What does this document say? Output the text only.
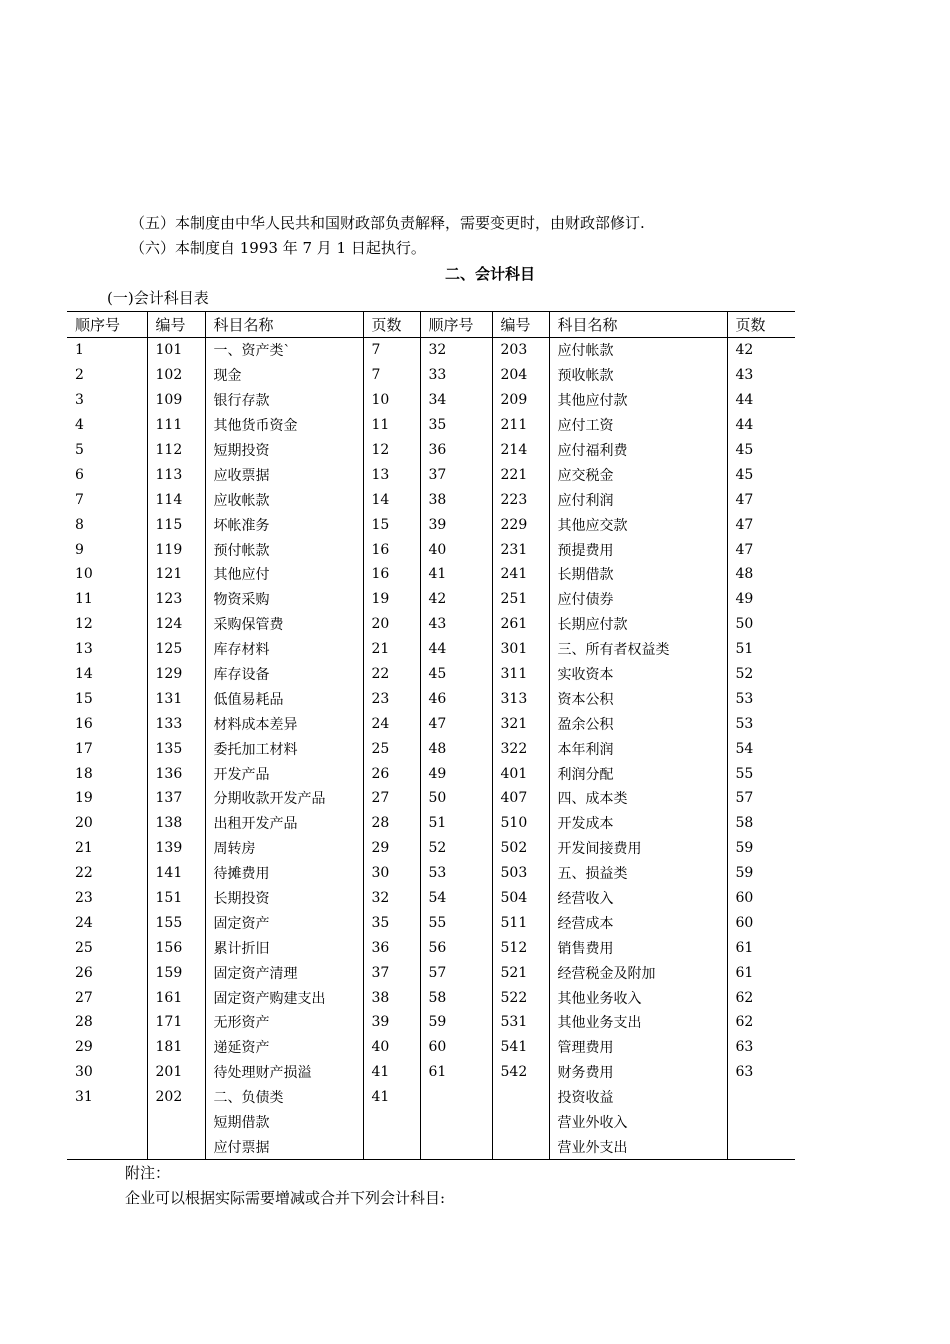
（五）本制度由中华人民共和国财政部负责解释，需要变更时，由财政部修订.
（六）本制度自 1993 年 7 月 1 日起执行。
二、会计科目
(一)会计科目表
顺序号	编号	科目名称	页数	顺序号	编号	科目名称	页数
1	101	一、资产类`	7	32	203	应付帐款	42
2	102	现金	7	33	204	预收帐款	43
3	109	银行存款	10	34	209	其他应付款	44
4	111	其他货币资金	11	35	211	应付工资	44
5	112	短期投资	12	36	214	应付福利费	45
6	113	应收票据	13	37	221	应交税金	45
7	114	应收帐款	14	38	223	应付利润	47
8	115	坏帐准务	15	39	229	其他应交款	47
9	119	预付帐款	16	40	231	预提费用	47
10	121	其他应付	16	41	241	长期借款	48
11	123	物资采购	19	42	251	应付债券	49
12	124	采购保管费	20	43	261	长期应付款	50
13	125	库存材料	21	44	301	三、所有者权益类	51
14	129	库存设备	22	45	311	实收资本	52
15	131	低值易耗品	23	46	313	资本公积	53
16	133	材料成本差异	24	47	321	盈余公积	53
17	135	委托加工材料	25	48	322	本年利润	54
18	136	开发产品	26	49	401	利润分配	55
19	137	分期收款开发产品	27	50	407	四、成本类	57
20	138	出租开发产品	28	51	510	开发成本	58
21	139	周转房	29	52	502	开发间接费用	59
22	141	待摊费用	30	53	503	五、损益类	59
23	151	长期投资	32	54	504	经营收入	60
24	155	固定资产	35	55	511	经营成本	60
25	156	累计折旧	36	56	512	销售费用	61
26	159	固定资产清理	37	57	521	经营税金及附加	61
27	161	固定资产购建支出	38	58	522	其他业务收入	62
28	171	无形资产	39	59	531	其他业务支出	62
29	181	递延资产	40	60	541	管理费用	63
30	201	待处理财产损溢	41	61	542	财务费用	63
31	202	二、负债类	41			投资收益	
		短期借款				营业外收入	
		应付票据				营业外支出	
附注：
企业可以根据实际需要增减或合并下列会计科目:
